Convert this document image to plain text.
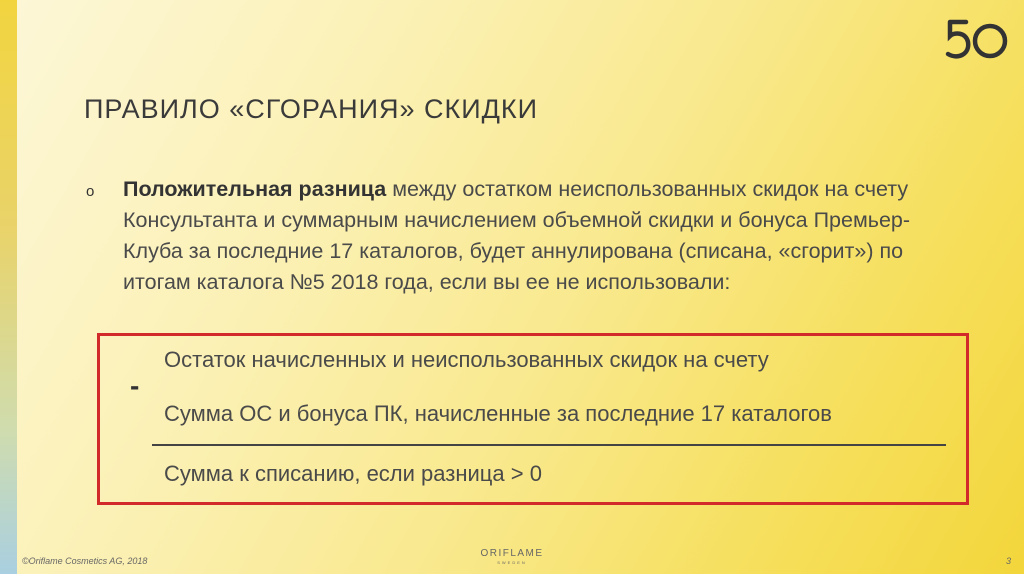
ПРАВИЛО «СГОРАНИЯ» СКИДКИ
o Положительная разница между остатком неиспользованных скидок на счету Консультанта и суммарным начислением объемной скидки и бонуса Премьер-Клуба за последние 17 каталогов, будет аннулирована (списана, «сгорит») по итогам каталога №5 2018 года, если вы ее не использовали:
-
Остаток начисленных и неиспользованных скидок на счету
Сумма ОС и бонуса ПК, начисленные за последние 17 каталогов
Сумма к списанию, если разница > 0
©Oriflame Cosmetics AG, 2018
ORIFLAME
SWEDEN	3
